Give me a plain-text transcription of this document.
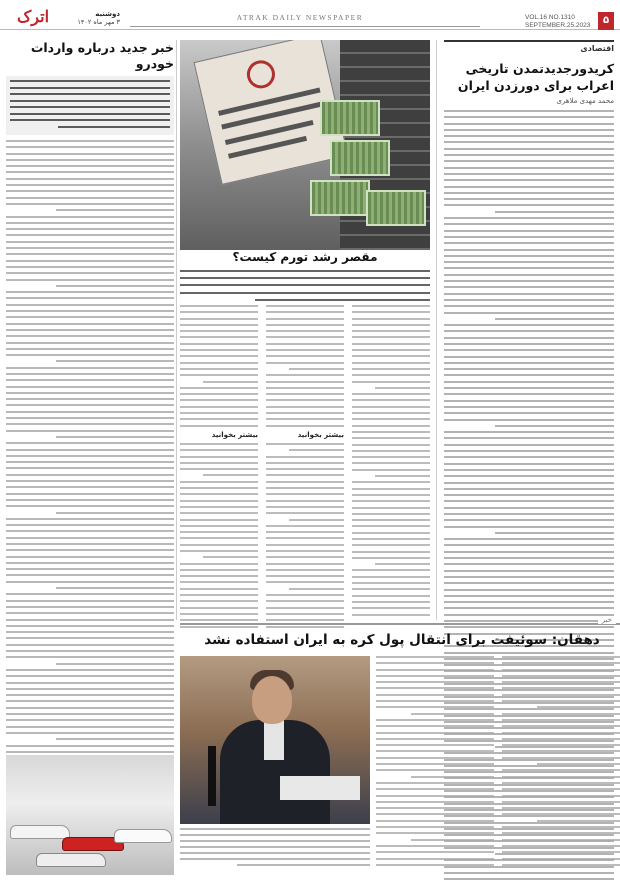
۵
VOL.16 NO.1310
SEPTEMBER.25.2023
ATRAK DAILY NEWSPAPER
دوشنبه
۳ مهر ماه ۱۴۰۲
اترک
اقتصادی
کریدورجدیدتمدن تاریخی اعراب برای دورزدن ایران
محمد مهدی ملاهری
مقصر رشد تورم کیست؟
بیشتر بخوانید
بیشتر بخوانید
خبر جدید درباره واردات خودرو
خبر
دهقان: سوئیفت برای انتقال پول کره به ایران استفاده نشد
